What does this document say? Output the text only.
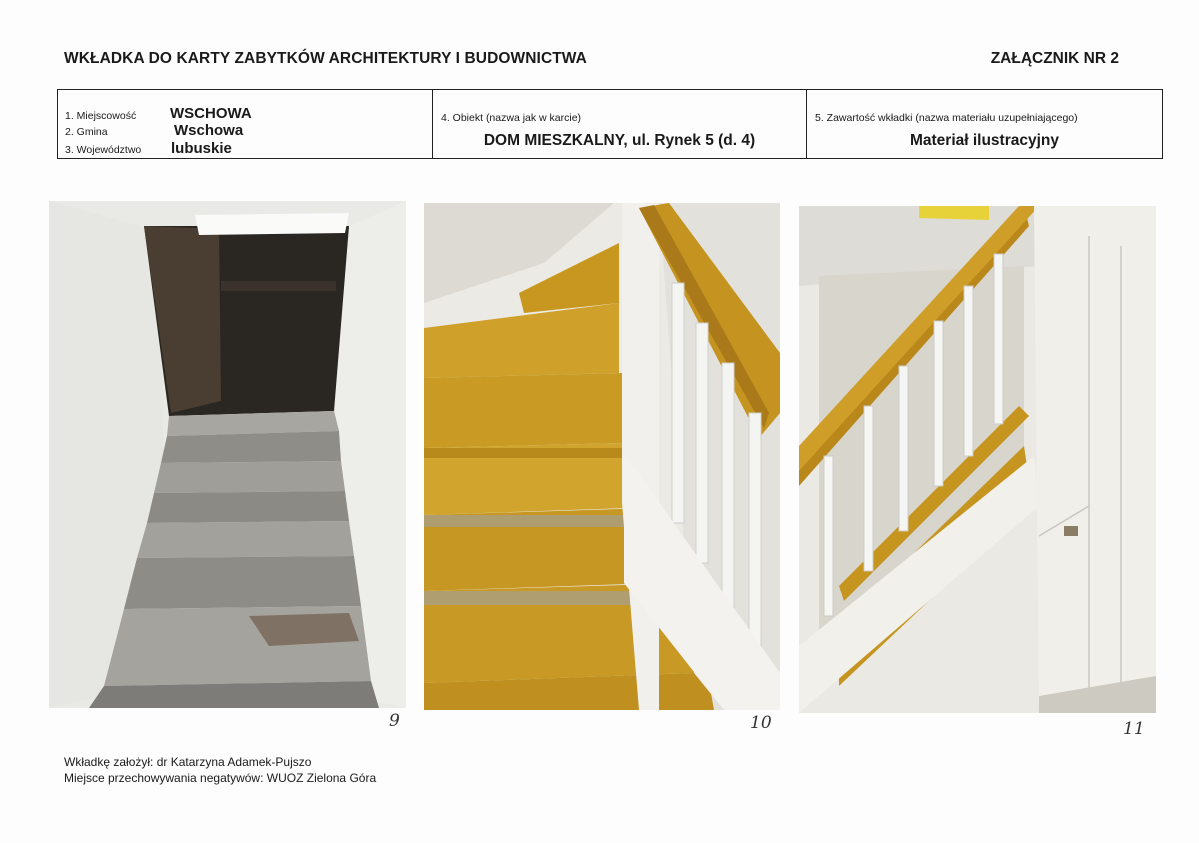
WKŁADKA DO KARTY ZABYTKÓW ARCHITEKTURY I BUDOWNICTWA	ZAŁĄCZNIK NR 2
1. Miejscowość WSCHOWA
2. Gmina	Wschowa
3. Województwo lubuskie
4. Obiekt (nazwa jak w karcie)
DOM MIESZKALNY, ul. Rynek 5 (d. 4)
5. Zawartość wkładki (nazwa materiału uzupełniającego)
Materiał ilustracyjny
9	10	11
Wkładkę założył: dr Katarzyna Adamek-Pujszo
Miejsce przechowywania negatywów: WUOZ Zielona Góra
